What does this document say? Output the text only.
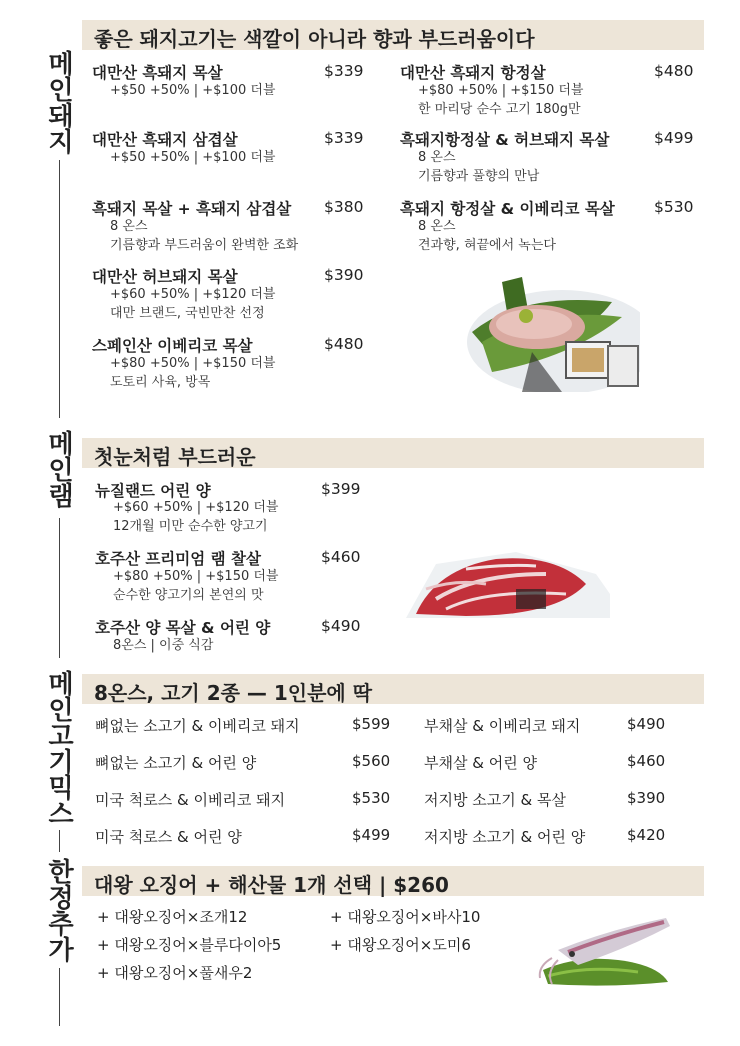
메
인
돼
지
메
인
램
메
인
고
기
믹
스
한
정
추
가
좋은 돼지고기는 색깔이 아니라 향과 부드러움이다
대만산 흑돼지 목살	$339
+$50 +50% | +$100 더블
대만산 흑돼지 삼겹살	$339
+$50 +50% | +$100 더블
흑돼지 목살 + 흑돼지 삼겹살 $380
8 온스
기름향과 부드러움이 완벽한 조화
대만산 허브돼지 목살	$390
+$60 +50% | +$120 더블
대만 브랜드, 국빈만찬 선정
스페인산 이베리코 목살	$480
+$80 +50% | +$150 더블
도토리 사육, 방목
대만산 흑돼지 항정살	$480
+$80 +50% | +$150 더블
한 마리당 순수 고기 180g만
흑돼지항정살 & 허브돼지 목살	$499
8 온스
기름향과 풀향의 만남
흑돼지 항정살 & 이베리코 목살	$530
8 온스
견과향, 혀끝에서 녹는다
첫눈처럼 부드러운
뉴질랜드 어린 양	$399
+$60 +50% | +$120 더블
12개월 미만 순수한 양고기
호주산 프리미엄 램 찰살	$460
+$80 +50% | +$150 더블
순수한 양고기의 본연의 맛
호주산 양 목살 & 어린 양	$490
8온스 | 이중 식감
8온스, 고기 2종 — 1인분에 딱
뼈없는 소고기 & 이베리코 돼지	$599
뼈없는 소고기 & 어린 양	$560
미국 척로스 & 이베리코 돼지	$530
미국 척로스 & 어린 양	$499
부채살 & 이베리코 돼지	$490
부채살 & 어린 양	$460
저지방 소고기 & 목살	$390
저지방 소고기 & 어린 양	$420
대왕 오징어 + 해산물 1개 선택 | $260
+ 대왕오징어×조개12
+ 대왕오징어×블루다이아5
+ 대왕오징어×풀새우2
+ 대왕오징어×바사10
+ 대왕오징어×도미6
